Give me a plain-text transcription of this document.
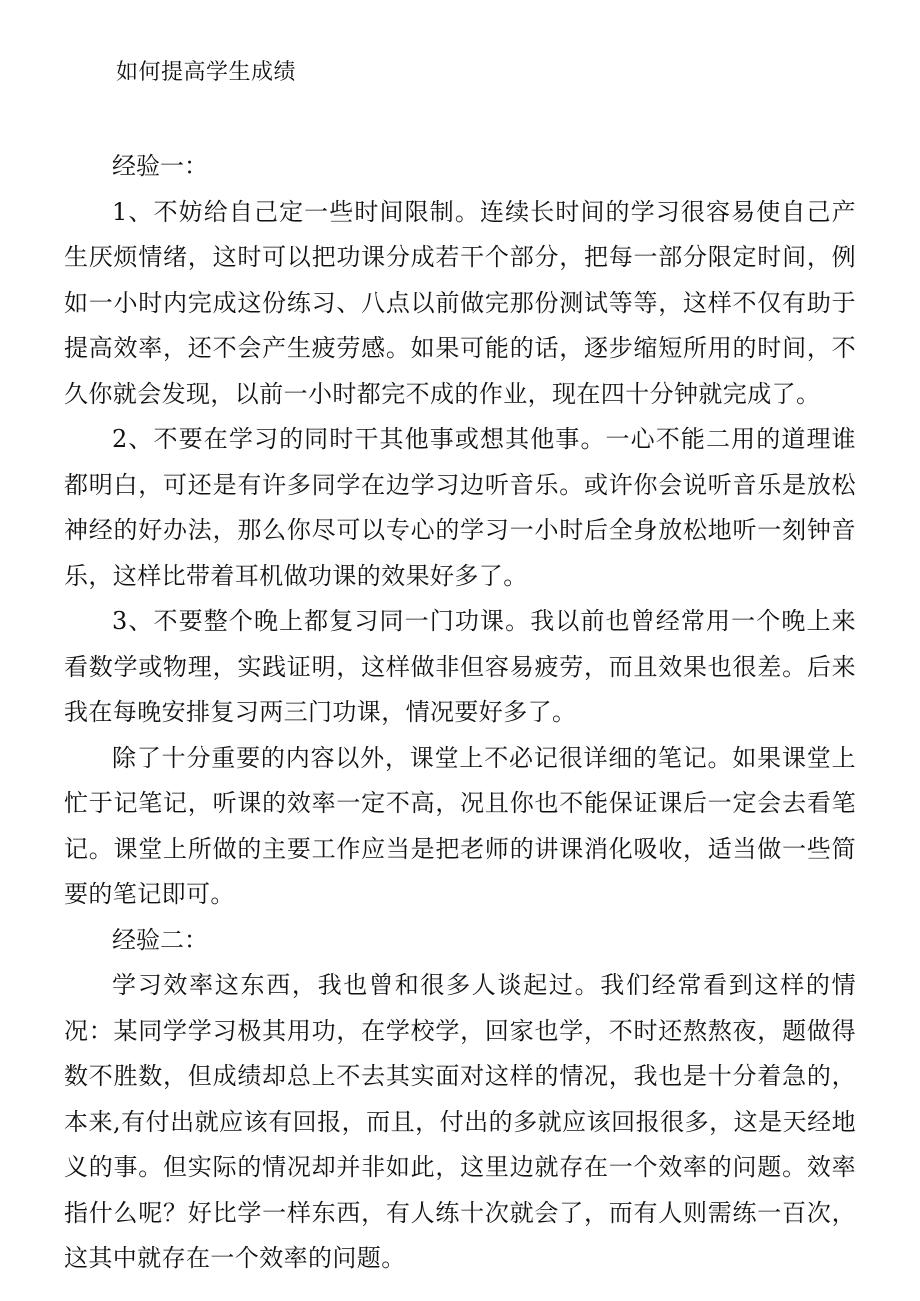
如何提高学生成绩

经验一：

1、不妨给自己定一些时间限制。连续长时间的学习很容易使自己产生厌烦情绪，这时可以把功课分成若干个部分，把每一部分限定时间，例如一小时内完成这份练习、八点以前做完那份测试等等，这样不仅有助于提高效率，还不会产生疲劳感。如果可能的话，逐步缩短所用的时间，不久你就会发现，以前一小时都完不成的作业，现在四十分钟就完成了。

2、不要在学习的同时干其他事或想其他事。一心不能二用的道理谁都明白，可还是有许多同学在边学习边听音乐。或许你会说听音乐是放松神经的好办法，那么你尽可以专心的学习一小时后全身放松地听一刻钟音乐，这样比带着耳机做功课的效果好多了。

3、不要整个晚上都复习同一门功课。我以前也曾经常用一个晚上来看数学或物理，实践证明，这样做非但容易疲劳，而且效果也很差。后来我在每晚安排复习两三门功课，情况要好多了。

除了十分重要的内容以外，课堂上不必记很详细的笔记。如果课堂上忙于记笔记，听课的效率一定不高，况且你也不能保证课后一定会去看笔记。课堂上所做的主要工作应当是把老师的讲课消化吸收，适当做一些简要的笔记即可。

经验二：

学习效率这东西，我也曾和很多人谈起过。我们经常看到这样的情况：某同学学习极其用功，在学校学，回家也学，不时还熬熬夜，题做得数不胜数，但成绩却总上不去其实面对这样的情况，我也是十分着急的，本来,有付出就应该有回报，而且，付出的多就应该回报很多，这是天经地义的事。但实际的情况却并非如此，这里边就存在一个效率的问题。效率指什么呢？好比学一样东西，有人练十次就会了，而有人则需练一百次，这其中就存在一个效率的问题。
